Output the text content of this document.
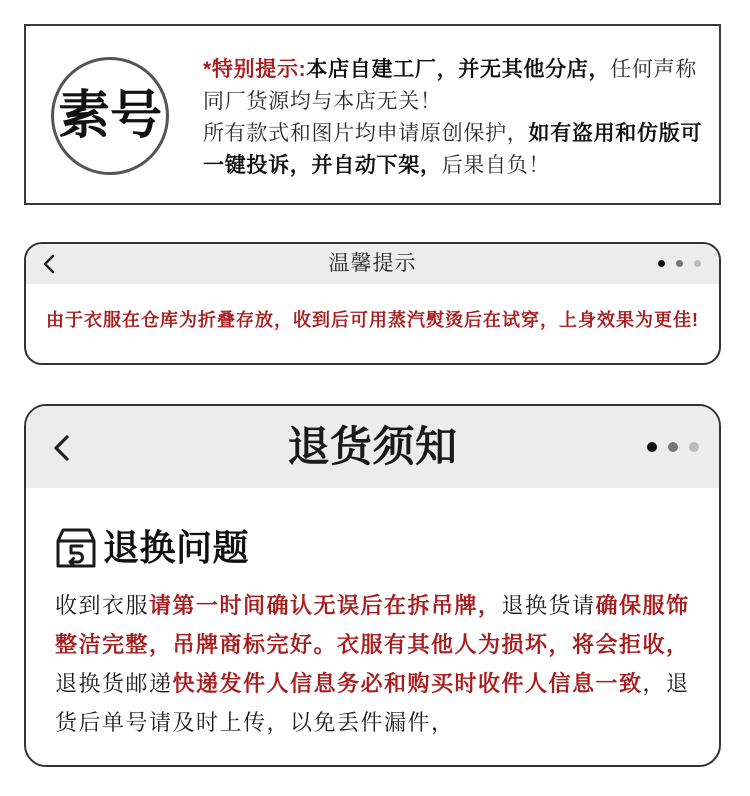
素号
*特别提示:本店自建工厂，并无其他分店，任何声称
同厂货源均与本店无关！
所有款式和图片均申请原创保护，如有盗用和仿版可
一键投诉，并自动下架，后果自负！
温馨提示
由于衣服在仓库为折叠存放，收到后可用蒸汽熨烫后在试穿，上身效果为更佳!
退货须知
退换问题
收到衣服请第一时间确认无误后在拆吊牌，退换货请确保服饰
整洁完整，吊牌商标完好。衣服有其他人为损坏，将会拒收，
退换货邮递快递发件人信息务必和购买时收件人信息一致，退
货后单号请及时上传，以免丢件漏件，
